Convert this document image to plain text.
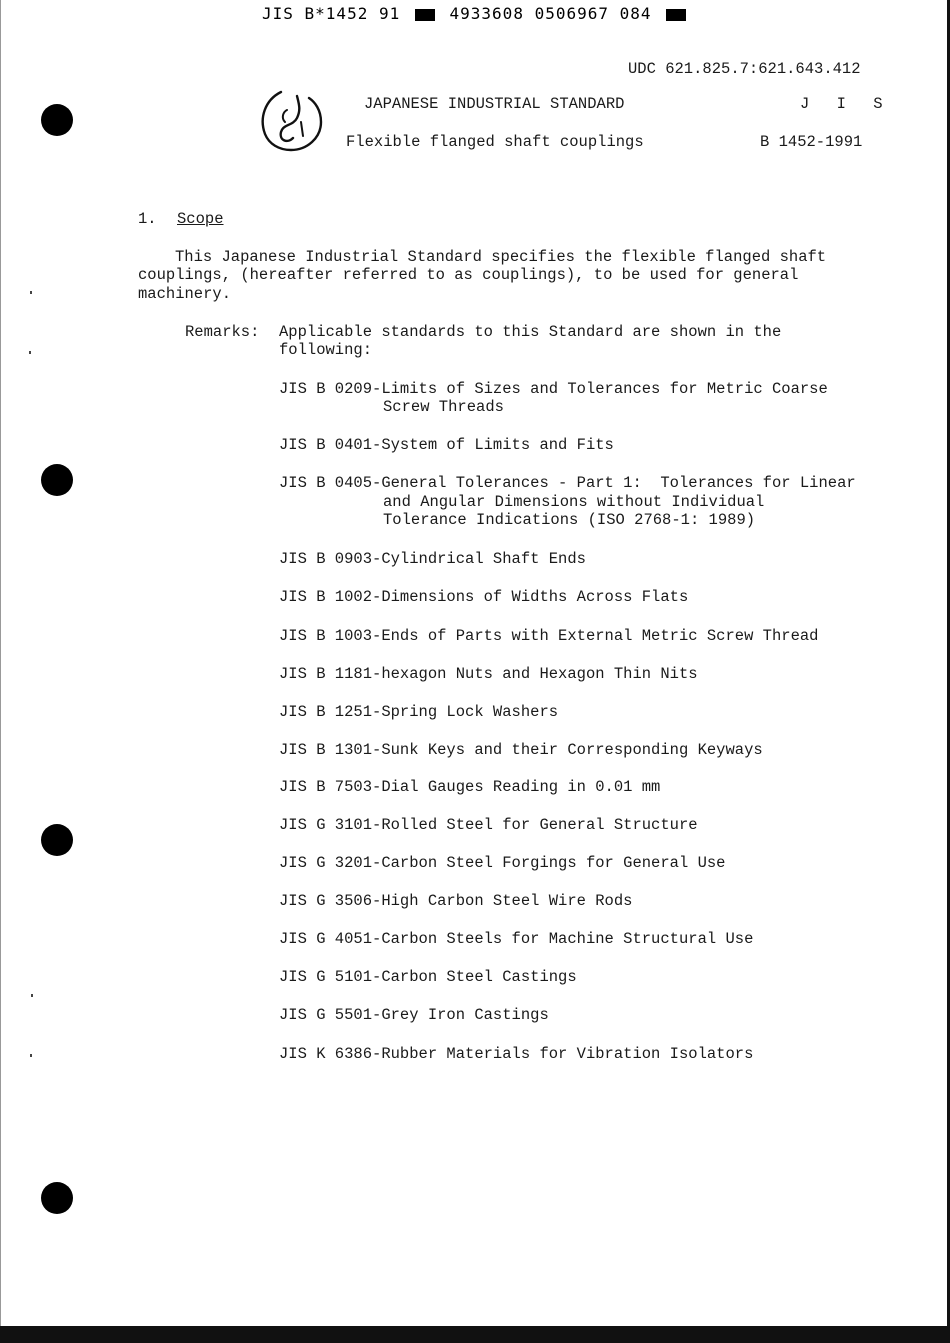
JIS B*1452 91	4933608 0506967 084
UDC 621.825.7:621.643.412
JAPANESE INDUSTRIAL STANDARD	J I S
Flexible flanged shaft couplings	B 1452-1991
1. Scope
This Japanese Industrial Standard specifies the flexible flanged shaft
couplings, (hereafter referred to as couplings), to be used for general
machinery.
Remarks: Applicable standards to this Standard are shown in the
following:
JIS B 0209-Limits of Sizes and Tolerances for Metric Coarse
Screw Threads
JIS B 0401-System of Limits and Fits
JIS B 0405-General Tolerances - Part 1:  Tolerances for Linear
and Angular Dimensions without Individual
Tolerance Indications (ISO 2768-1: 1989)
JIS B 0903-Cylindrical Shaft Ends
JIS B 1002-Dimensions of Widths Across Flats
JIS B 1003-Ends of Parts with External Metric Screw Thread
JIS B 1181-hexagon Nuts and Hexagon Thin Nits
JIS B 1251-Spring Lock Washers
JIS B 1301-Sunk Keys and their Corresponding Keyways
JIS B 7503-Dial Gauges Reading in 0.01 mm
JIS G 3101-Rolled Steel for General Structure
JIS G 3201-Carbon Steel Forgings for General Use
JIS G 3506-High Carbon Steel Wire Rods
JIS G 4051-Carbon Steels for Machine Structural Use
JIS G 5101-Carbon Steel Castings
JIS G 5501-Grey Iron Castings
JIS K 6386-Rubber Materials for Vibration Isolators
